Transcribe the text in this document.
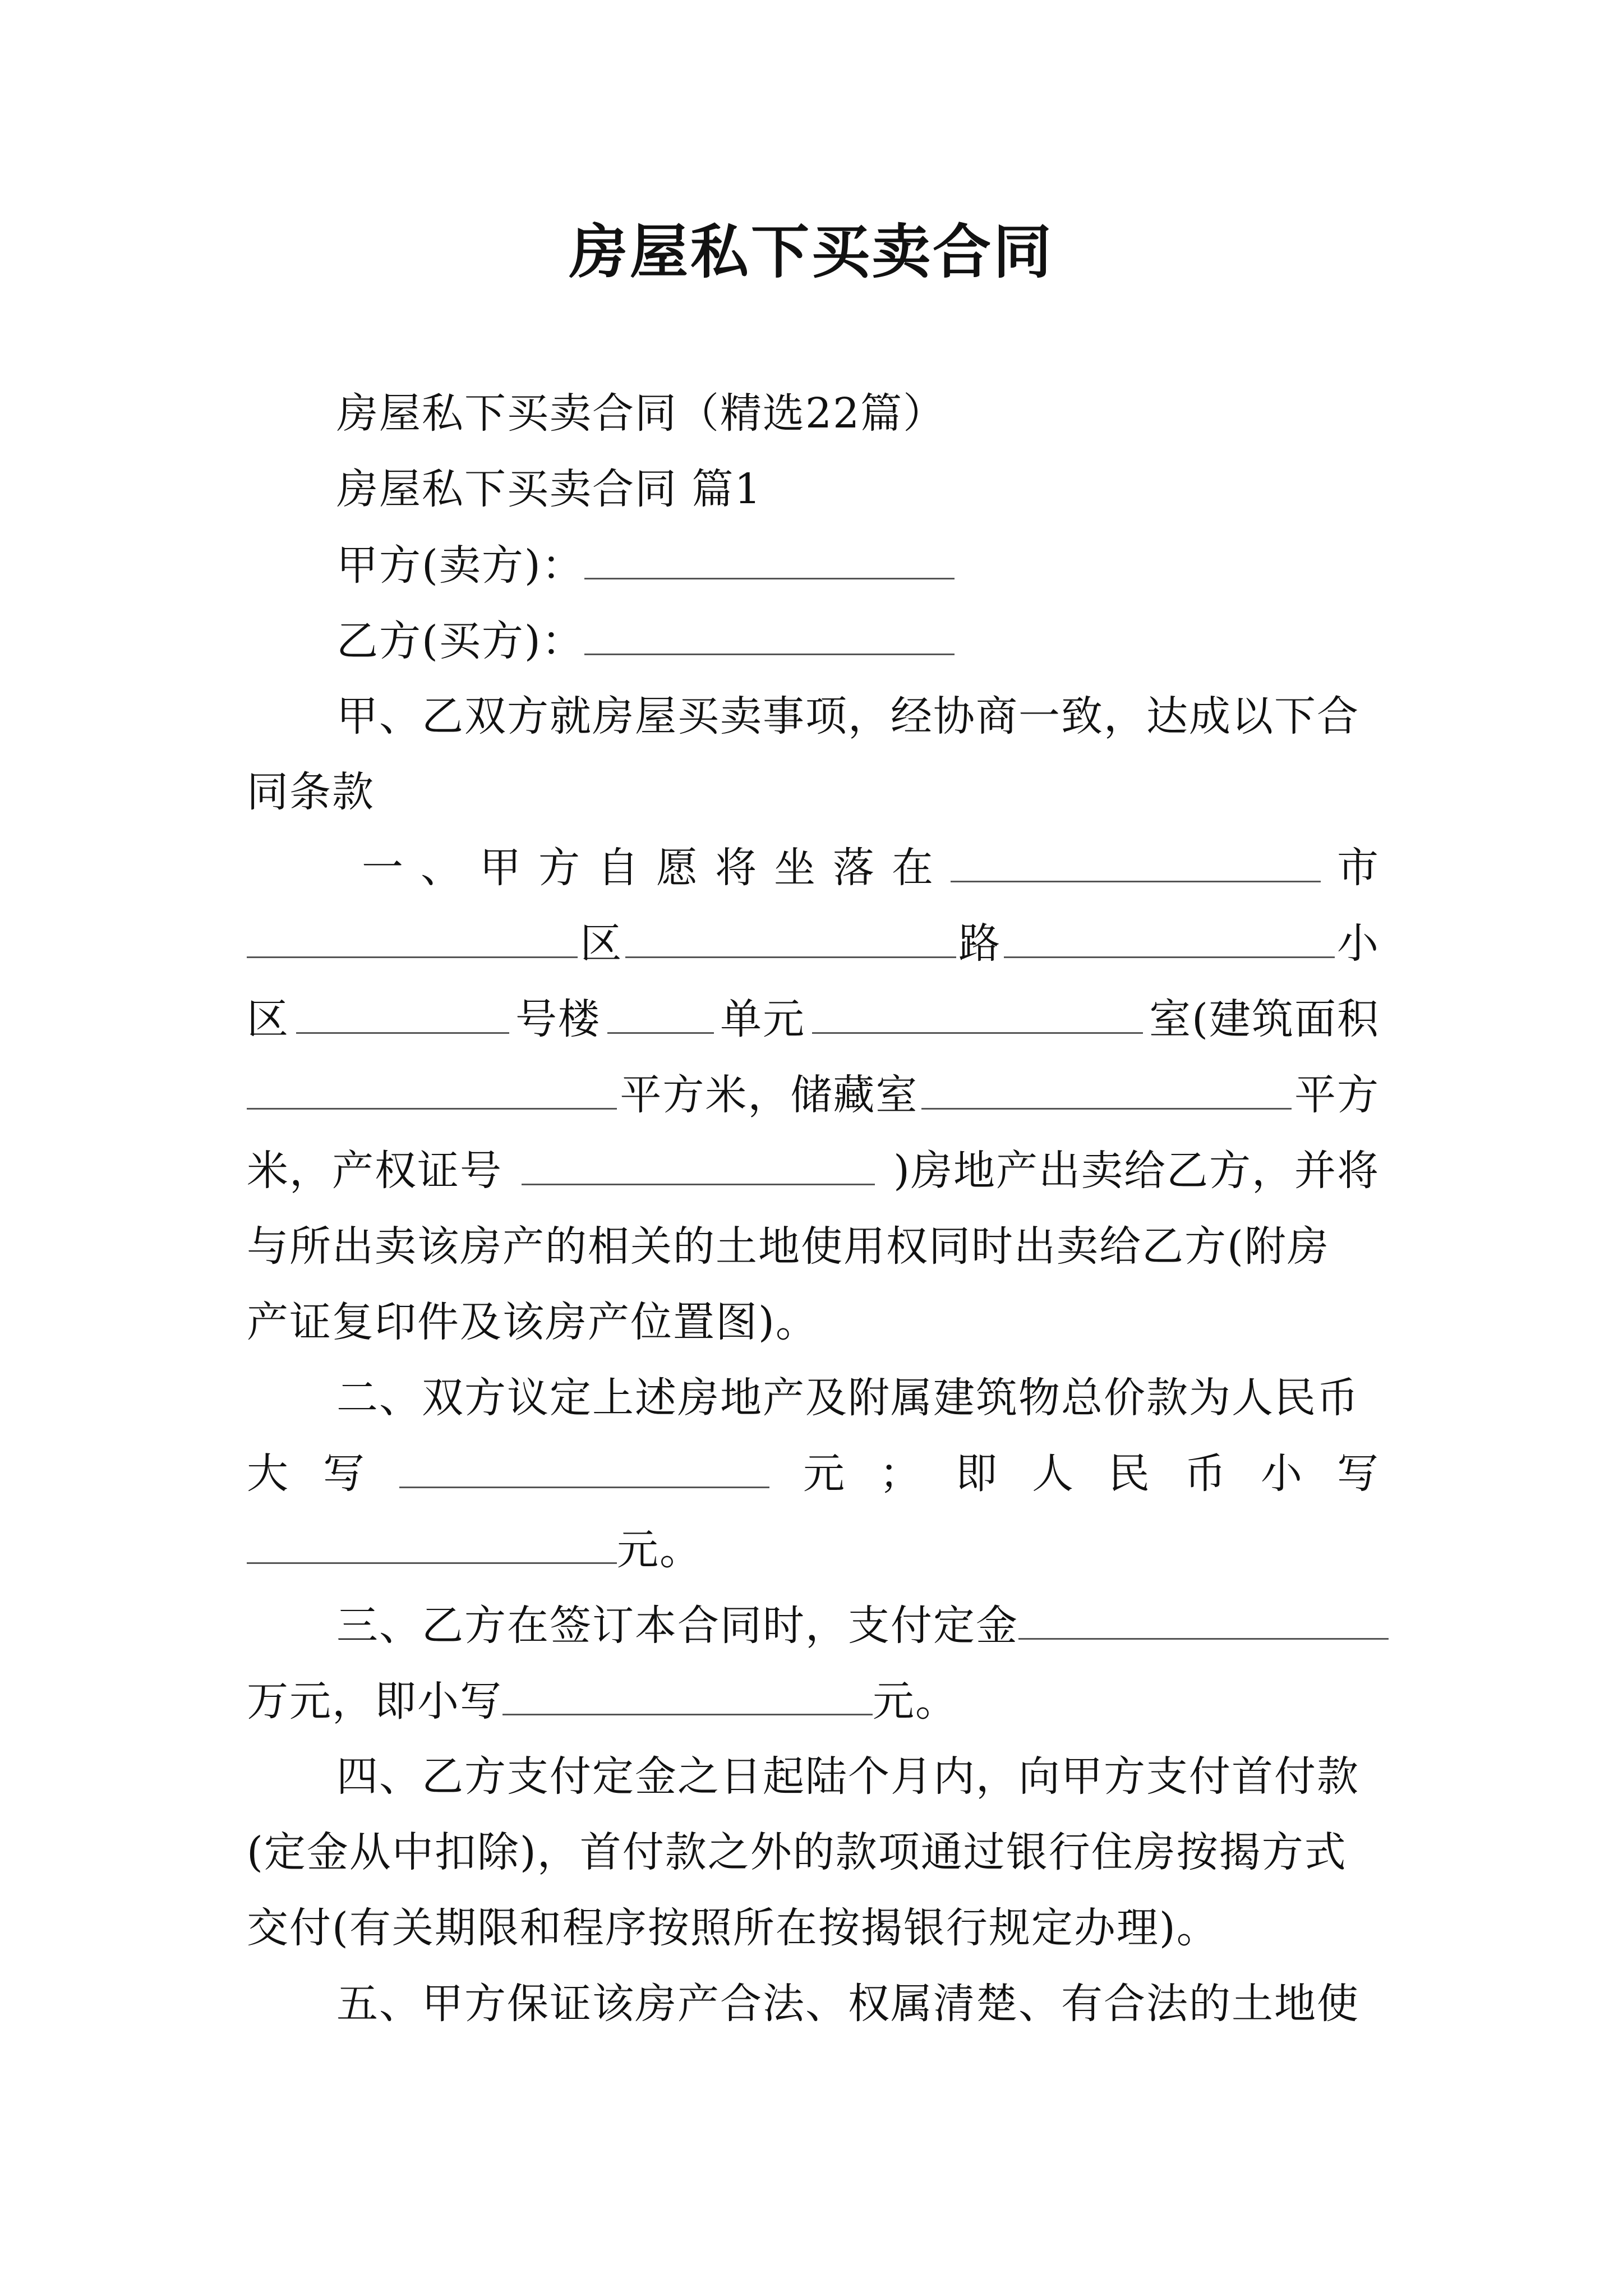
房屋私下买卖合同
房屋私下买卖合同（精选22篇）
房屋私下买卖合同 篇1
甲方(卖方)：
乙方(买方)：
甲、乙双方就房屋买卖事项，经协商一致，达成以下合
同条款
一 、 甲 方 自 愿 将 坐 落 在	市
区	路	小
区	号楼	单元	室(建筑面积
平方米，储藏室	平方
米，产权证号	)房地产出卖给乙方，并将
与所出卖该房产的相关的土地使用权同时出卖给乙方(附房
产证复印件及该房产位置图)。
二、双方议定上述房地产及附属建筑物总价款为人民币
大 写	元 ； 即 人 民 币 小 写
元。
三、乙方在签订本合同时，支付定金
万元，即小写	元。
四、乙方支付定金之日起陆个月内，向甲方支付首付款
(定金从中扣除)，首付款之外的款项通过银行住房按揭方式
交付(有关期限和程序按照所在按揭银行规定办理)。
五、甲方保证该房产合法、权属清楚、有合法的土地使
